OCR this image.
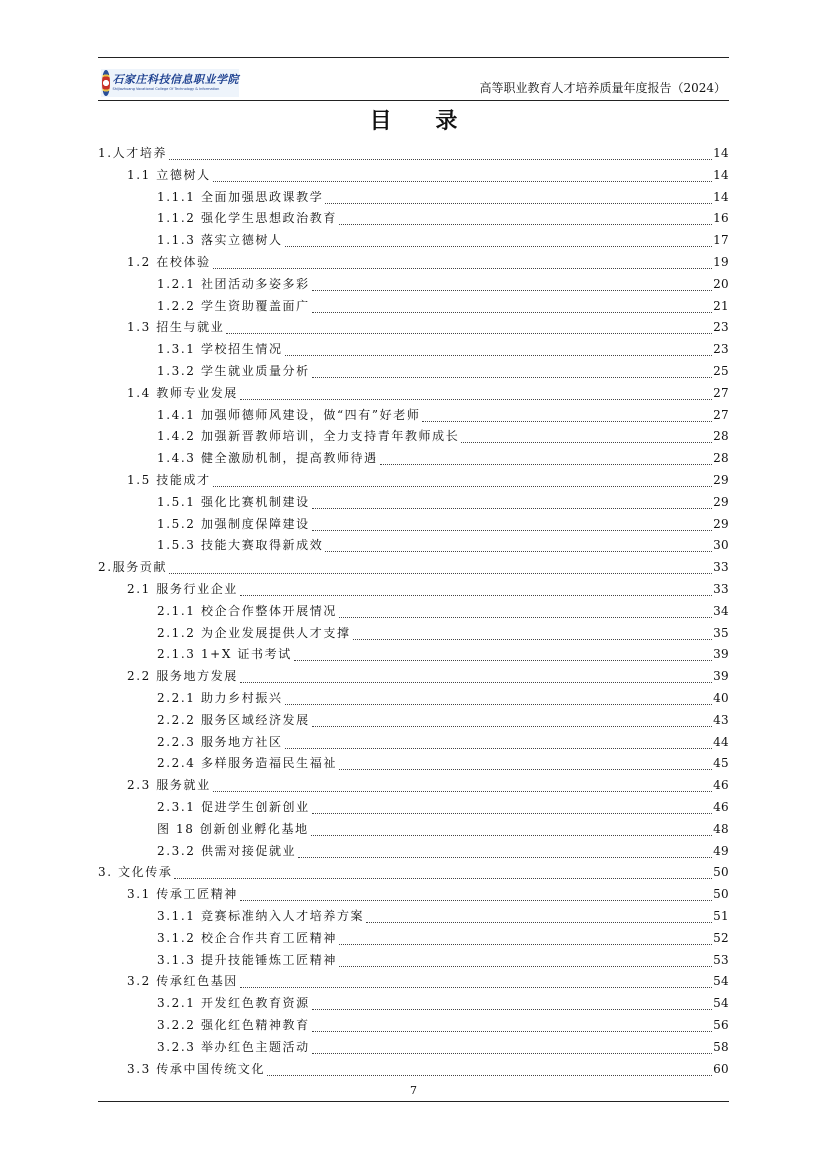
石家庄科技信息职业学院
Shijiazhuang Vocational College Of Technology & Information	高等职业教育人才培养质量年度报告（2024）
目 录
1.人才培养	14
1.1 立德树人	14
1.1.1 全面加强思政课教学	14
1.1.2 强化学生思想政治教育	16
1.1.3 落实立德树人	17
1.2 在校体验	19
1.2.1 社团活动多姿多彩	20
1.2.2 学生资助覆盖面广	21
1.3 招生与就业	23
1.3.1 学校招生情况	23
1.3.2 学生就业质量分析	25
1.4 教师专业发展	27
1.4.1 加强师德师风建设，做“四有”好老师	27
1.4.2 加强新晋教师培训，全力支持青年教师成长	28
1.4.3 健全激励机制，提高教师待遇	28
1.5 技能成才	29
1.5.1 强化比赛机制建设	29
1.5.2 加强制度保障建设	29
1.5.3 技能大赛取得新成效	30
2.服务贡献	33
2.1 服务行业企业	33
2.1.1 校企合作整体开展情况	34
2.1.2 为企业发展提供人才支撑	35
2.1.3 1+X 证书考试	39
2.2 服务地方发展	39
2.2.1 助力乡村振兴	40
2.2.2 服务区域经济发展	43
2.2.3 服务地方社区	44
2.2.4 多样服务造福民生福祉	45
2.3 服务就业	46
2.3.1 促进学生创新创业	46
图 18 创新创业孵化基地	48
2.3.2 供需对接促就业	49
3. 文化传承	50
3.1 传承工匠精神	50
3.1.1 竞赛标准纳入人才培养方案	51
3.1.2 校企合作共育工匠精神	52
3.1.3 提升技能锤炼工匠精神	53
3.2 传承红色基因	54
3.2.1 开发红色教育资源	54
3.2.2 强化红色精神教育	56
3.2.3 举办红色主题活动	58
3.3 传承中国传统文化	60
7
